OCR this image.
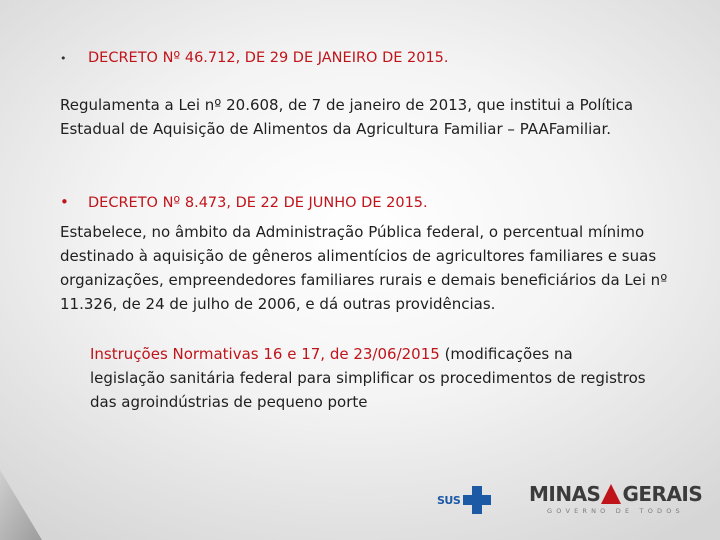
•	DECRETO Nº 46.712, DE 29 DE JANEIRO DE 2015.

Regulamenta a Lei nº 20.608, de 7 de janeiro de 2013, que institui a Política Estadual de Aquisição de Alimentos da Agricultura Familiar – PAAFamiliar.

•	DECRETO Nº 8.473, DE 22 DE JUNHO DE 2015.

Estabelece, no âmbito da Administração Pública federal, o percentual mínimo destinado à aquisição de gêneros alimentícios de agricultores familiares e suas organizações, empreendedores familiares rurais e demais beneficiários da Lei nº 11.326, de 24 de julho de 2006, e dá outras providências.

Instruções Normativas 16 e 17, de 23/06/2015 (modificações na legislação sanitária federal para simplificar os procedimentos de registros das agroindústrias de pequeno porte
SUS	MINAS GERAIS
GOVERNO DE TODOS
